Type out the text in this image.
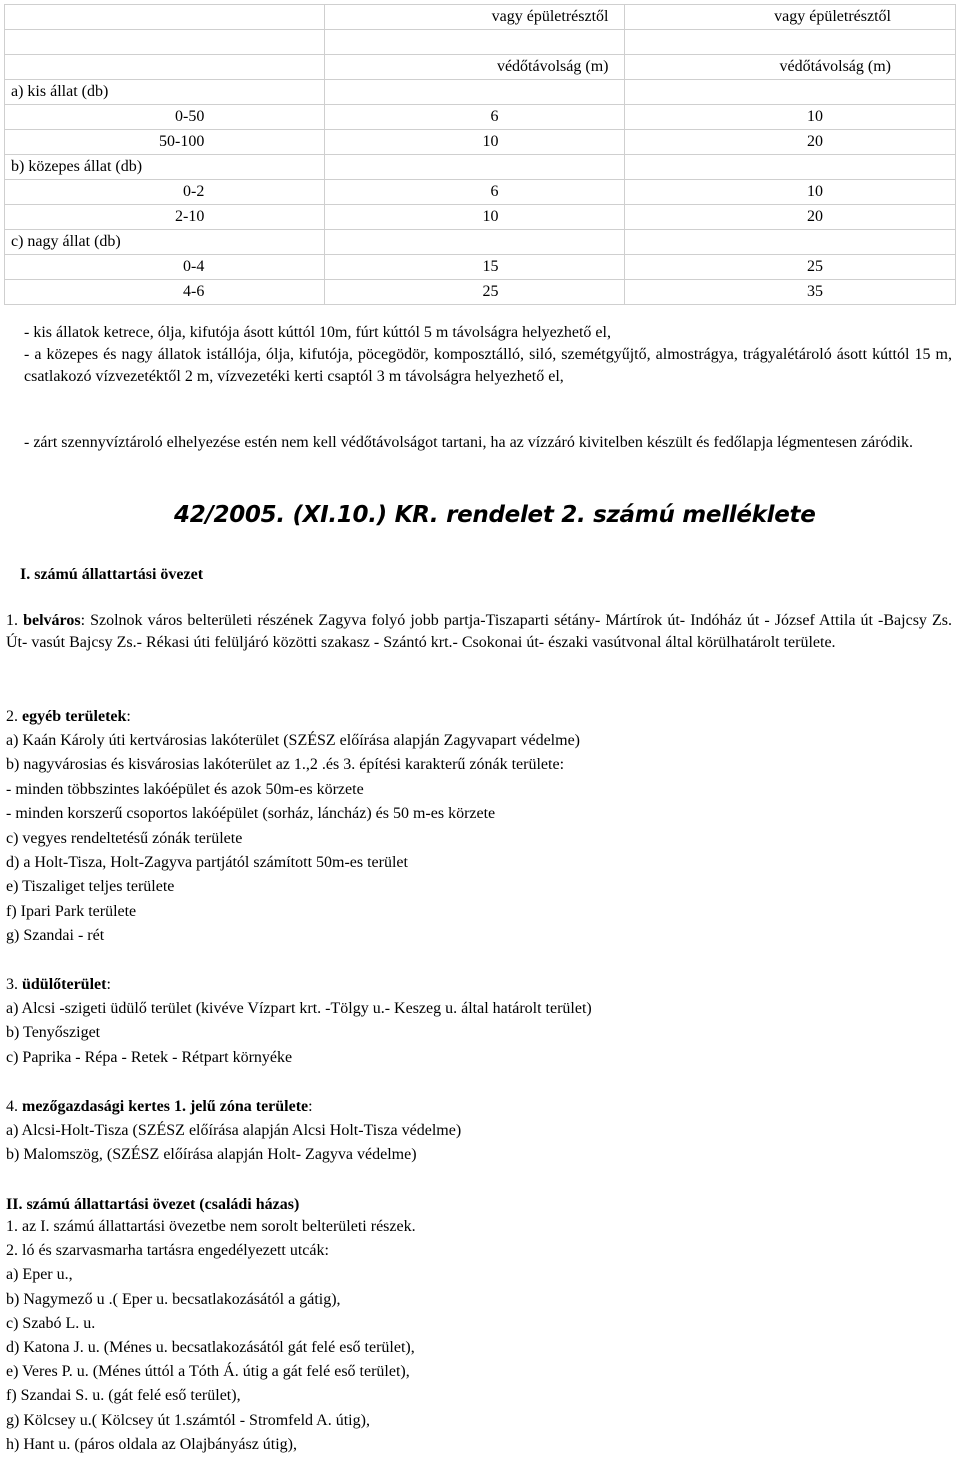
	vagy épületrésztől	vagy épületrésztől

	védőtávolság (m)	védőtávolság (m)
a) kis állat (db)		
0-50	6	10
50-100	10	20
b) közepes állat (db)		
0-2	6	10
2-10	10	20
c) nagy állat (db)		
0-4	15	25
4-6	25	35
- kis állatok ketrece, ólja, kifutója ásott kúttól 10m, fúrt kúttól 5 m távolságra helyezhető el,
- a közepes és nagy állatok istállója, ólja, kifutója, pöcegödör, komposztálló, siló, szemétgyűjtő, almostrágya, trágyalétároló ásott kúttól 15 m, csatlakozó vízvezetéktől 2 m, vízvezetéki kerti csaptól 3 m távolságra helyezhető el,
- zárt szennyvíztároló elhelyezése estén nem kell védőtávolságot tartani, ha az vízzáró kivitelben készült és fedőlapja légmentesen záródik.
42/2005. (XI.10.) KR. rendelet 2. számú melléklete
I. számú állattartási övezet
1. belváros: Szolnok város belterületi részének Zagyva folyó jobb partja-Tiszaparti sétány- Mártírok út- Indóház út - József Attila út -Bajcsy Zs. Út- vasút Bajcsy Zs.- Rékasi úti felüljáró közötti szakasz - Szántó krt.- Csokonai út- északi vasútvonal által körülhatárolt területe.
2. egyéb területek:
a) Kaán Károly úti kertvárosias lakóterület (SZÉSZ előírása alapján Zagyvapart védelme)
b) nagyvárosias és kisvárosias lakóterület az 1.,2 .és 3. építési karakterű zónák területe:
- minden többszintes lakóépület és azok 50m-es körzete
- minden korszerű csoportos lakóépület (sorház, láncház) és 50 m-es körzete
c) vegyes rendeltetésű zónák területe
d) a Holt-Tisza, Holt-Zagyva partjától számított 50m-es terület
e) Tiszaliget teljes területe
f) Ipari Park területe
g) Szandai - rét
3. üdülőterület:
a) Alcsi -szigeti üdülő terület (kivéve Vízpart krt. -Tölgy u.- Keszeg u. által határolt terület)
b) Tenyősziget
c) Paprika - Répa - Retek - Rétpart környéke
4. mezőgazdasági kertes 1. jelű zóna területe:
a) Alcsi-Holt-Tisza (SZÉSZ előírása alapján Alcsi Holt-Tisza védelme)
b) Malomszög, (SZÉSZ előírása alapján Holt- Zagyva védelme)
II. számú állattartási övezet (családi házas)
1. az I. számú állattartási övezetbe nem sorolt belterületi részek.
2. ló és szarvasmarha tartásra engedélyezett utcák:
a) Eper u.,
b) Nagymező u .( Eper u. becsatlakozásától a gátig),
c) Szabó L. u.
d) Katona J. u. (Ménes u. becsatlakozásától gát felé eső terület),
e) Veres P. u. (Ménes úttól a Tóth Á. útig a gát felé eső terület),
f) Szandai S. u. (gát felé eső terület),
g) Kölcsey u.( Kölcsey út 1.számtól - Stromfeld A. útig),
h) Hant u. (páros oldala az Olajbányász útig),
